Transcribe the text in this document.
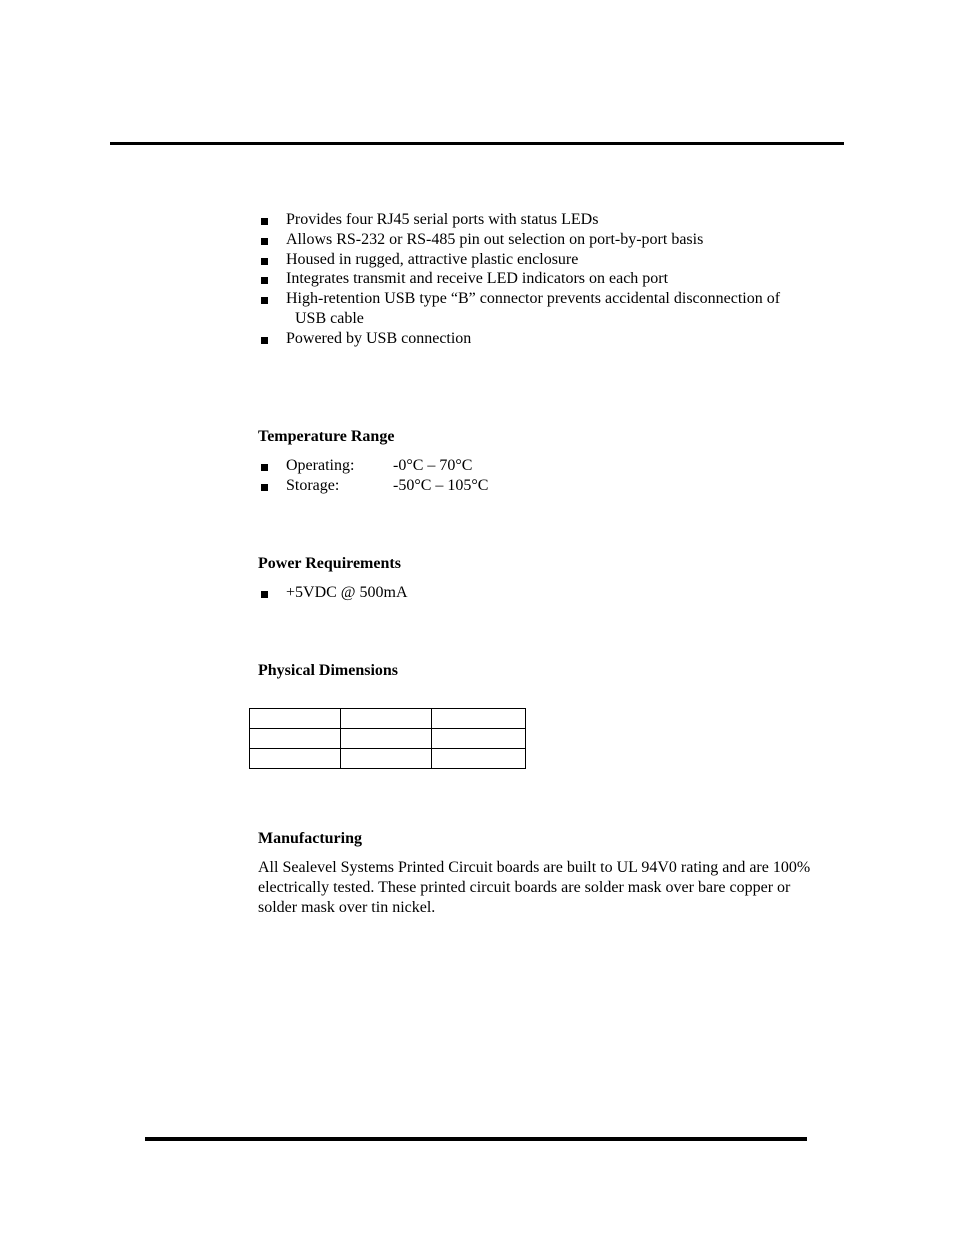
Provides four RJ45 serial ports with status LEDs
Allows RS-232 or RS-485 pin out selection on port-by-port basis
Housed in rugged, attractive plastic enclosure
Integrates transmit and receive LED indicators on each port
High-retention USB type “B” connector prevents accidental disconnection of
USB cable
Powered by USB connection
Temperature Range
Operating: -0°C – 70°C
Storage:	-50°C – 105°C
Power Requirements
+5VDC @ 500mA
Physical Dimensions

Manufacturing

All Sealevel Systems Printed Circuit boards are built to UL 94V0 rating and are 100% electrically tested. These printed circuit boards are solder mask over bare copper or solder mask over tin nickel.
